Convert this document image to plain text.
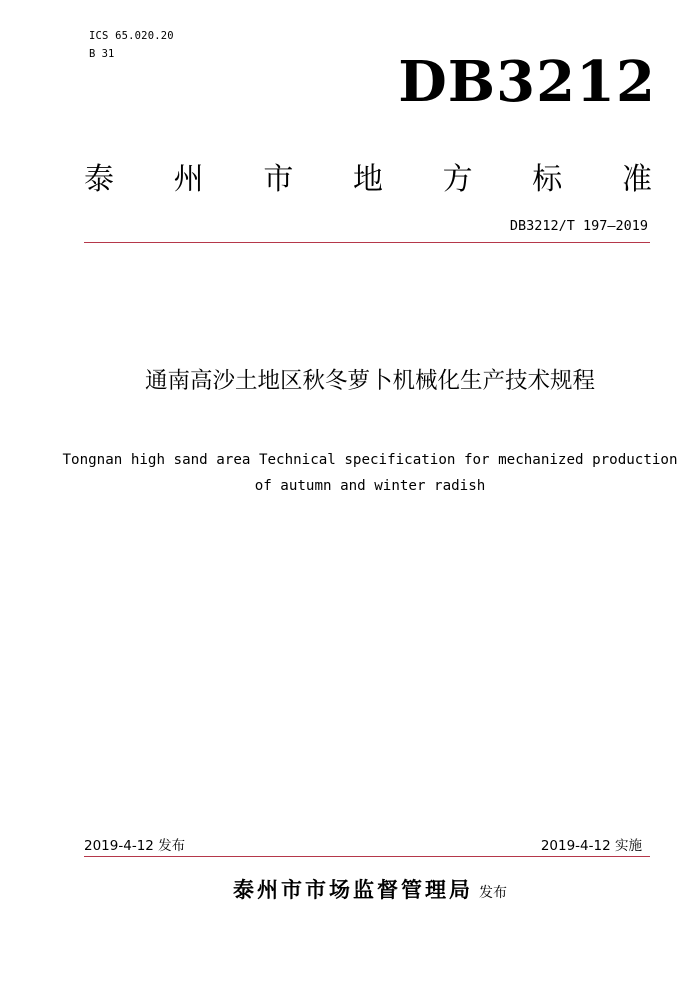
ICS 65.020.20
B 31	DB3212
泰 州 市 地 方 标 准
DB3212/T 197—2019
通南高沙土地区秋冬萝卜机械化生产技术规程
Tongnan high sand area Technical specification for mechanized production
of autumn and winter radish
2019-4-12 发布	2019-4-12 实施
泰州市市场监督管理局 发布
